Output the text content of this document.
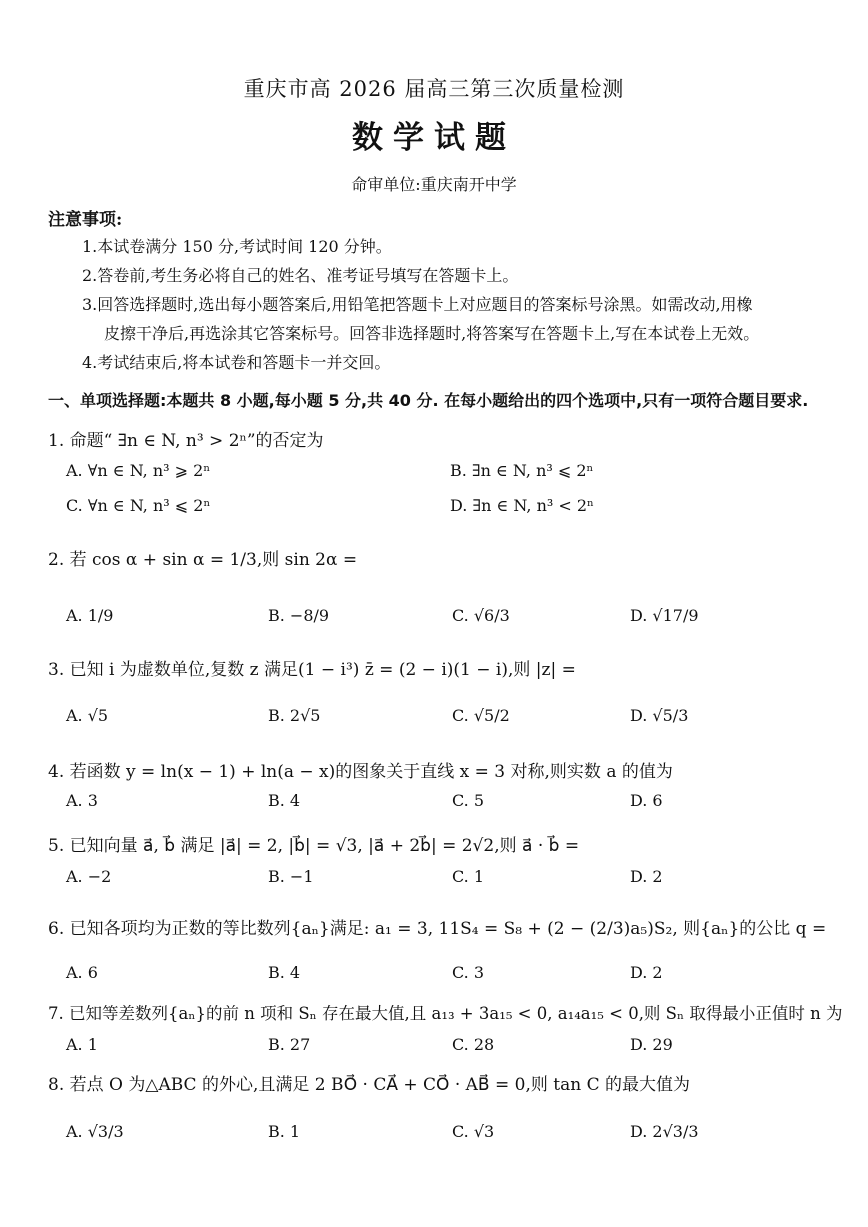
重庆市高 2026 届高三第三次质量检测
数学试题
命审单位:重庆南开中学
注意事项:
1.本试卷满分 150 分,考试时间 120 分钟。
2.答卷前,考生务必将自己的姓名、准考证号填写在答题卡上。
3.回答选择题时,选出每小题答案后,用铅笔把答题卡上对应题目的答案标号涂黑。如需改动,用橡
皮擦干净后,再选涂其它答案标号。回答非选择题时,将答案写在答题卡上,写在本试卷上无效。
4.考试结束后,将本试卷和答题卡一并交回。
一、单项选择题:本题共 8 小题,每小题 5 分,共 40 分. 在每小题给出的四个选项中,只有一项符合题目要求.
1. 命题“ ∃n ∈ N, n³ > 2ⁿ”的否定为
A. ∀n ∈ N, n³ ⩾ 2ⁿ	B. ∃n ∈ N, n³ ⩽ 2ⁿ
C. ∀n ∈ N, n³ ⩽ 2ⁿ	D. ∃n ∈ N, n³ < 2ⁿ
2. 若 cos α + sin α = 1/3,则 sin 2α =
A. 1/9	B. −8/9	C. √6/3	D. √17/9
3. 已知 i 为虚数单位,复数 z 满足(1 − i³) z̄ = (2 − i)(1 − i),则 |z| =
A. √5	B. 2√5	C. √5/2	D. √5/3
4. 若函数 y = ln(x − 1) + ln(a − x)的图象关于直线 x = 3 对称,则实数 a 的值为
A. 3	B. 4	C. 5	D. 6
5. 已知向量 a⃗, b⃗ 满足 |a⃗| = 2, |b⃗| = √3, |a⃗ + 2b⃗| = 2√2,则 a⃗ · b⃗ =
A. −2	B. −1	C. 1	D. 2
6. 已知各项均为正数的等比数列{aₙ}满足: a₁ = 3, 11S₄ = S₈ + (2 − (2/3)a₅)S₂, 则{aₙ}的公比 q =
A. 6	B. 4	C. 3	D. 2
7. 已知等差数列{aₙ}的前 n 项和 Sₙ 存在最大值,且 a₁₃ + 3a₁₅ < 0, a₁₄a₁₅ < 0,则 Sₙ 取得最小正值时 n 为
A. 1	B. 27	C. 28	D. 29
8. 若点 O 为△ABC 的外心,且满足 2 BO⃗ · CA⃗ + CO⃗ · AB⃗ = 0,则 tan C 的最大值为
A. √3/3	B. 1	C. √3	D. 2√3/3
